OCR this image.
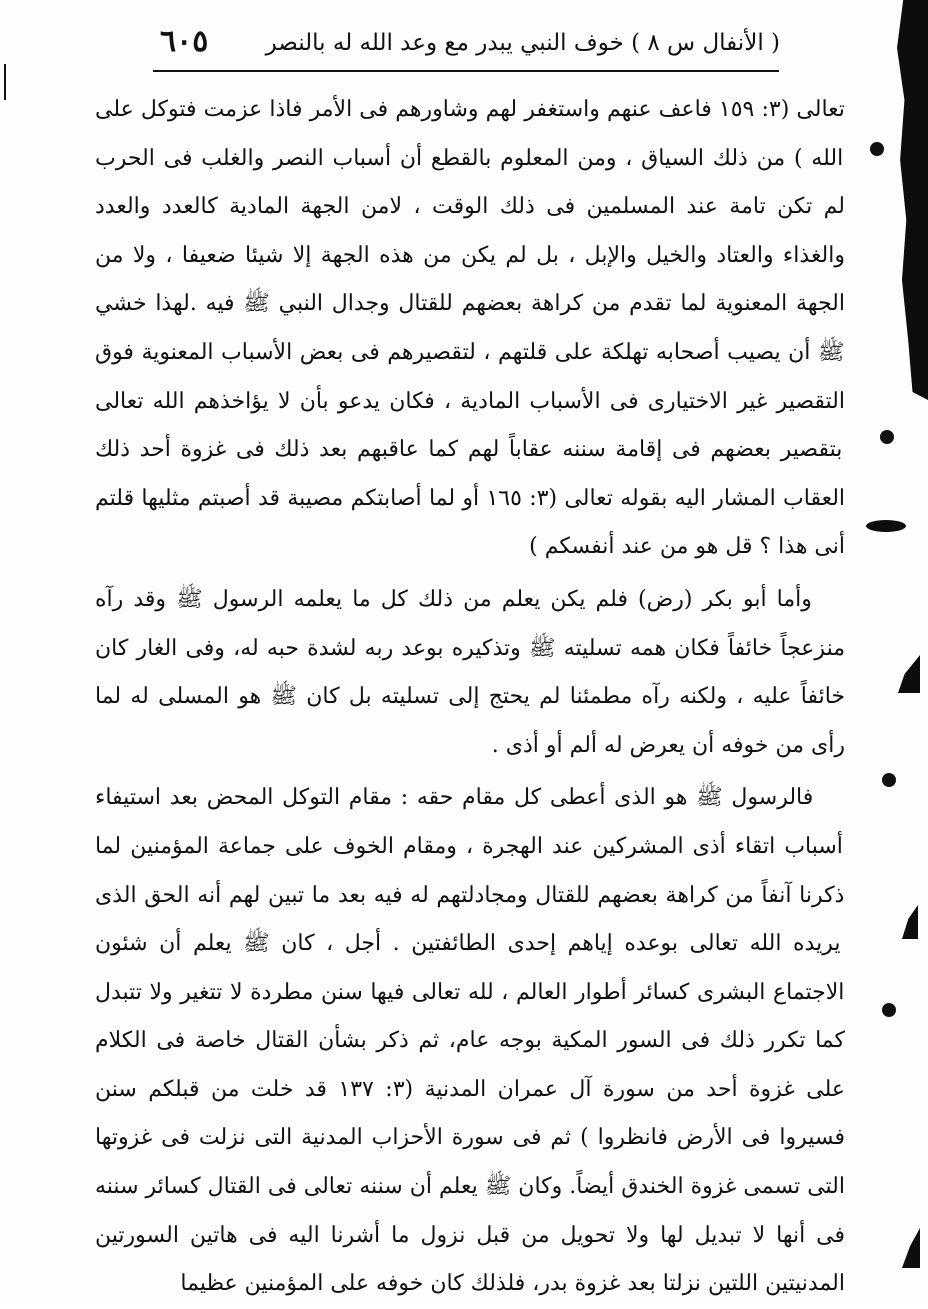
( الأنفال س ٨ ) خوف النبي يبدر مع وعد الله له بالنصر
٦٠٥

تعالى (٣: ١٥٩ فاعف عنهم واستغفر لهم وشاورهم فى الأمر فاذا عزمت فتوكل على الله ) من ذلك السياق ، ومن المعلوم بالقطع أن أسباب النصر والغلب فى الحرب لم تكن تامة عند المسلمين فى ذلك الوقت ، لامن الجهة المادية كالعدد والعدد والغذاء والعتاد والخيل والإبل ، بل لم يكن من هذه الجهة إلا شيئا ضعيفا ، ولا من الجهة المعنوية لما تقدم من كراهة بعضهم للقتال وجدال النبي ﷺ فيه .لهذا خشي ﷺ أن يصيب أصحابه تهلكة على قلتهم ، لتقصيرهم فى بعض الأسباب المعنوية فوق التقصير غير الاختيارى فى الأسباب المادية ، فكان يدعو بأن لا يؤاخذهم الله تعالى بتقصير بعضهم فى إقامة سننه عقاباً لهم كما عاقبهم بعد ذلك فى غزوة أحد ذلك العقاب المشار اليه بقوله تعالى (٣: ١٦٥ أو لما أصابتكم مصيبة قد أصبتم مثليها قلتم أنى هذا ؟ قل هو من عند أنفسكم )

وأما أبو بكر (رض) فلم يكن يعلم من ذلك كل ما يعلمه الرسول ﷺ وقد رآه منزعجاً خائفاً فكان همه تسليته ﷺ وتذكيره بوعد ربه لشدة حبه له، وفى الغار كان خائفاً عليه ، ولكنه رآه مطمئنا لم يحتج إلى تسليته بل كان ﷺ هو المسلى له لما رأى من خوفه أن يعرض له ألم أو أذى .

فالرسول ﷺ هو الذى أعطى كل مقام حقه : مقام التوكل المحض بعد استيفاء أسباب اتقاء أذى المشركين عند الهجرة ، ومقام الخوف على جماعة المؤمنين لما ذكرنا آنفاً من كراهة بعضهم للقتال ومجادلتهم له فيه بعد ما تبين لهم أنه الحق الذى يريده الله تعالى بوعده إياهم إحدى الطائفتين . أجل ، كان ﷺ يعلم أن شئون الاجتماع البشرى كسائر أطوار العالم ، لله تعالى فيها سنن مطردة لا تتغير ولا تتبدل كما تكرر ذلك فى السور المكية بوجه عام، ثم ذكر بشأن القتال خاصة فى الكلام على غزوة أحد من سورة آل عمران المدنية (٣: ١٣٧ قد خلت من قبلكم سنن فسيروا فى الأرض فانظروا ) ثم فى سورة الأحزاب المدنية التى نزلت فى غزوتها التى تسمى غزوة الخندق أيضاً. وكان ﷺ يعلم أن سننه تعالى فى القتال كسائر سننه فى أنها لا تبديل لها ولا تحويل من قبل نزول ما أشرنا اليه فى هاتين السورتين المدنيتين اللتين نزلتا بعد غزوة بدر، فلذلك كان خوفه على المؤمنين عظيما
